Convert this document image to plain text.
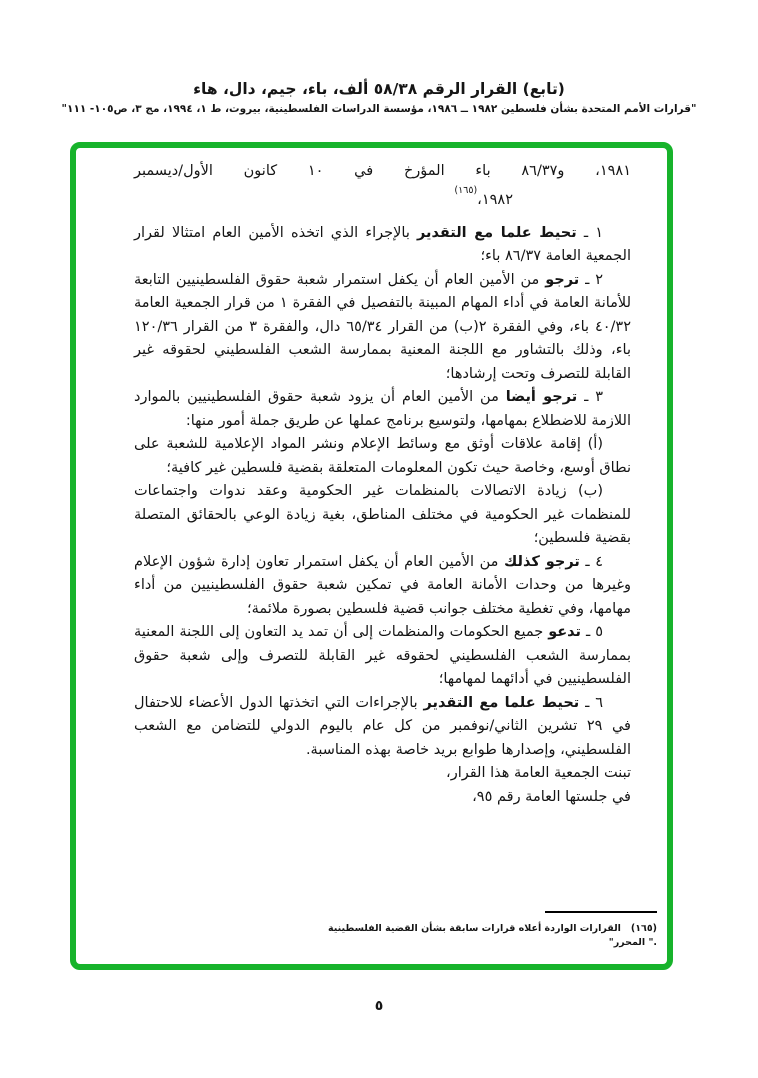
(تابع) القرار الرقم ٥٨/٣٨ ألف، باء، جيم، دال، هاء
"قرارات الأمم المتحدة بشأن فلسطين ١٩٨٢ ــ ١٩٨٦، مؤسسة الدراسات الفلسطينية، بيروت، ط ١، ١٩٩٤، مج ٣، ص١٠٥- ١١١"

١٩٨١، و٨٦/٣٧ باء المؤرخ في ١٠ كانون الأول/ديسمبر

١٩٨٢،$^{(١٦٥)}$

١ ـ تحيط علما مع التقدير بالإجراء الذي اتخذه الأمين العام امتثالا لقرار الجمعية العامة ٨٦/٣٧ باء؛

٢ ـ ترجو من الأمين العام أن يكفل استمرار شعبة حقوق الفلسطينيين التابعة للأمانة العامة في أداء المهام المبينة بالتفصيل في الفقرة ١ من قرار الجمعية العامة ٤٠/٣٢ باء، وفي الفقرة ٢(ب) من القرار ٦٥/٣٤ دال، والفقرة ٣ من القرار ١٢٠/٣٦ باء، وذلك بالتشاور مع اللجنة المعنية بممارسة الشعب الفلسطيني لحقوقه غير القابلة للتصرف وتحت إرشادها؛

٣ ـ ترجو أيضا من الأمين العام أن يزود شعبة حقوق الفلسطينيين بالموارد اللازمة للاضطلاع بمهامها، ولتوسيع برنامج عملها عن طريق جملة أمور منها:

(أ) إقامة علاقات أوثق مع وسائط الإعلام ونشر المواد الإعلامية للشعبة على نطاق أوسع، وخاصة حيث تكون المعلومات المتعلقة بقضية فلسطين غير كافية؛

(ب) زيادة الاتصالات بالمنظمات غير الحكومية وعقد ندوات واجتماعات للمنظمات غير الحكومية في مختلف المناطق، بغية زيادة الوعي بالحقائق المتصلة بقضية فلسطين؛

٤ ـ ترجو كذلك من الأمين العام أن يكفل استمرار تعاون إدارة شؤون الإعلام وغيرها من وحدات الأمانة العامة في تمكين شعبة حقوق الفلسطينيين من أداء مهامها، وفي تغطية مختلف جوانب قضية فلسطين بصورة ملائمة؛

٥ ـ تدعو جميع الحكومات والمنظمات إلى أن تمد يد التعاون إلى اللجنة المعنية بممارسة الشعب الفلسطيني لحقوقه غير القابلة للتصرف وإلى شعبة حقوق الفلسطينيين في أدائهما لمهامها؛

٦ ـ تحيط علما مع التقدير بالإجراءات التي اتخذتها الدول الأعضاء للاحتفال في ٢٩ تشرين الثاني/نوفمبر من كل عام باليوم الدولي للتضامن مع الشعب الفلسطيني، وإصدارها طوابع بريد خاصة بهذه المناسبة.

تبنت الجمعية العامة هذا القرار،

في جلستها العامة رقم ٩٥،

(١٦٥)القرارات الواردة أعلاه قرارات سابقة بشأن القضية الفلسطينية ." المحرر"
٥
